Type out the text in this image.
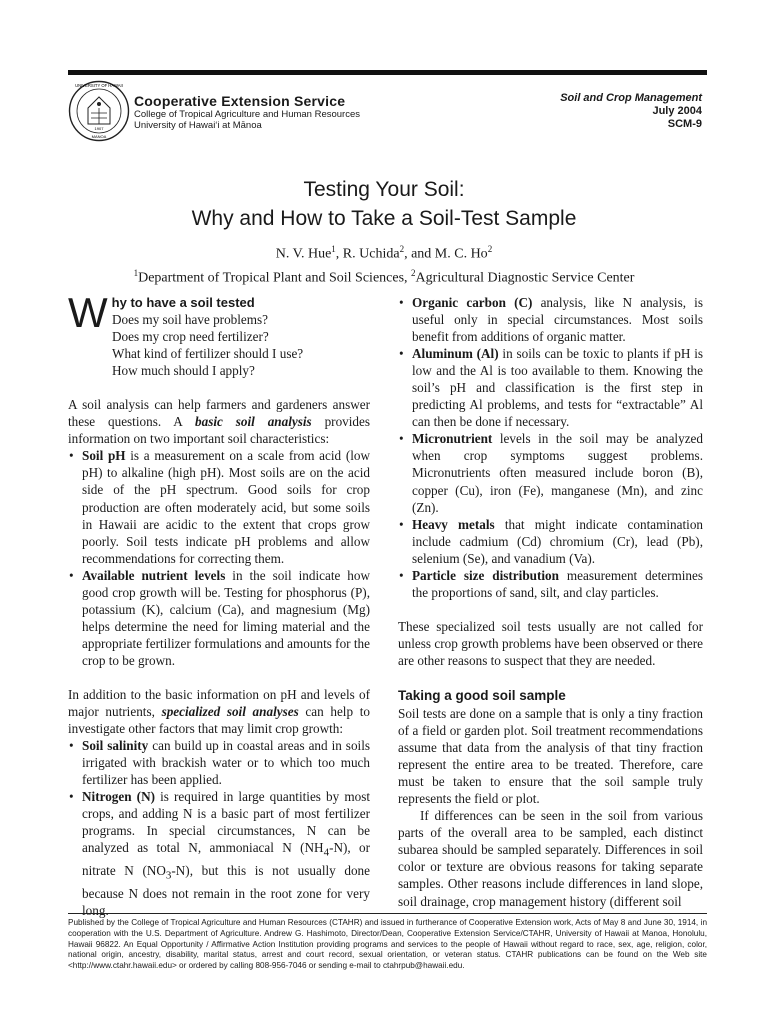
UNIVERSITY OF HAWAII
1907
MANOA
Cooperative Extension Service
College of Tropical Agriculture and Human Resources
University of Hawai‘i at Mānoa
Soil and Crop Management
July 2004
SCM-9
Testing Your Soil:
Why and How to Take a Soil-Test Sample
N. V. Hue$^1$, R. Uchida$^2$, and M. C. Ho$^2$
$^1$Department of Tropical Plant and Soil Sciences, $^2$Agricultural Diagnostic Service Center
W hy to have a soil tested
Does my soil have problems?
Does my crop need fertilizer?
What kind of fertilizer should I use?
How much should I apply?

A soil analysis can help farmers and gardeners answer these questions. A basic soil analysis provides information on two important soil characteristics:

• Soil pH is a measurement on a scale from acid (low pH) to alkaline (high pH). Most soils are on the acid side of the pH spectrum. Good soils for crop production are often moderately acid, but some soils in Hawaii are acidic to the extent that crops grow poorly. Soil tests indicate pH problems and allow recommendations for correcting them.
• Available nutrient levels in the soil indicate how good crop growth will be. Testing for phosphorus (P), potassium (K), calcium (Ca), and magnesium (Mg) helps determine the need for liming material and the appropriate fertilizer formulations and amounts for the crop to be grown.

In addition to the basic information on pH and levels of major nutrients, specialized soil analyses can help to investigate other factors that may limit crop growth:

• Soil salinity can build up in coastal areas and in soils irrigated with brackish water or to which too much fertilizer has been applied.
• Nitrogen (N) is required in large quantities by most crops, and adding N is a basic part of most fertilizer programs. In special circumstances, N can be analyzed as total N, ammoniacal N $(NH_4-N)$, or nitrate N $(NO_3-N)$, but this is not usually done because N does not remain in the root zone for very long.
• Organic carbon (C) analysis, like N analysis, is useful only in special circumstances. Most soils benefit from additions of organic matter.
• Aluminum (Al) in soils can be toxic to plants if pH is low and the Al is too available to them. Knowing the soil’s pH and classification is the first step in predicting Al problems, and tests for “extractable” Al can then be done if necessary.
• Micronutrient levels in the soil may be analyzed when crop symptoms suggest problems. Micronutrients often measured include boron (B), copper (Cu), iron (Fe), manganese (Mn), and zinc (Zn).
• Heavy metals that might indicate contamination include cadmium (Cd) chromium (Cr), lead (Pb), selenium (Se), and vanadium (Va).
• Particle size distribution measurement determines the proportions of sand, silt, and clay particles.

These specialized soil tests usually are not called for unless crop growth problems have been observed or there are other reasons to suspect that they are needed.

Taking a good soil sample

Soil tests are done on a sample that is only a tiny fraction of a field or garden plot. Soil treatment recommendations assume that data from the analysis of that tiny fraction represent the entire area to be treated. Therefore, care must be taken to ensure that the soil sample truly represents the field or plot.

If differences can be seen in the soil from various parts of the overall area to be sampled, each distinct subarea should be sampled separately. Differences in soil color or texture are obvious reasons for taking separate samples. Other reasons include differences in land slope, soil drainage, crop management history (different soil

Published by the College of Tropical Agriculture and Human Resources (CTAHR) and issued in furtherance of Cooperative Extension work, Acts of May 8 and June 30, 1914, in cooperation with the U.S. Department of Agriculture. Andrew G. Hashimoto, Director/Dean, Cooperative Extension Service/CTAHR, University of Hawaii at Manoa, Honolulu, Hawaii 96822. An Equal Opportunity / Affirmative Action Institution providing programs and services to the people of Hawaii without regard to race, sex, age, religion, color, national origin, ancestry, disability, marital status, arrest and court record, sexual orientation, or veteran status. CTAHR publications can be found on the Web site <http://www.ctahr.hawaii.edu> or ordered by calling 808-956-7046 or sending e-mail to ctahrpub@hawaii.edu.
